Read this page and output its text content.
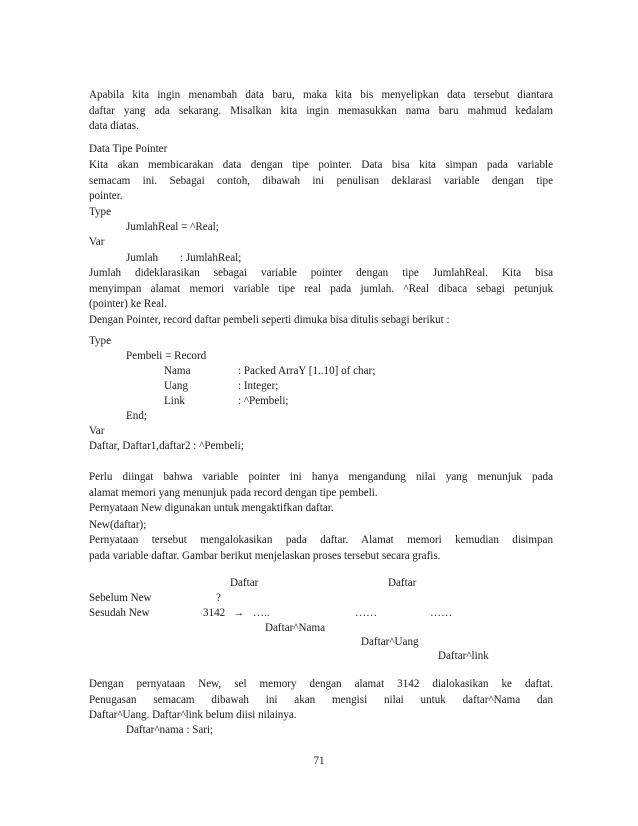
Apabila kita ingin menambah data baru, maka kita bis menyelipkan data tersebut diantara
daftar yang ada sekarang. Misalkan kita ingin memasukkan nama baru mahmud kedalam
data diatas.
Data Tipe Pointer
Kita akan membicarakan data dengan tipe pointer. Data bisa kita simpan pada variable
semacam ini. Sebagai contoh, dibawah ini penulisan deklarasi variable dengan tipe
pointer.
Type
JumlahReal = ^Real;
Var
Jumlah : JumlahReal;
Jumlah dideklarasikan sebagai variable pointer dengan tipe JumlahReal. Kita bisa
menyimpan alamat memori variable tipe real pada jumlah. ^Real dibaca sebagi petunjuk
(pointer) ke Real.
Dengan Pointer, record daftar pembeli seperti dimuka bisa ditulis sebagi berikut :
Type
Pembeli = Record
Nama	: Packed ArraY [1..10] of char;
Uang	: Integer;
Link	: ^Pembeli;
End;
Var
Daftar, Daftar1,daftar2 : ^Pembeli;
Perlu diingat bahwa variable pointer ini hanya mengandung nilai yang menunjuk pada
alamat memori yang menunjuk pada record dengan tipe pembeli.
Pernyataan New digunakan untuk mengaktifkan daftar.
New(daftar);
Pernyataan tersebut mengalokasikan pada daftar. Alamat memori kemudian disimpan
pada variable daftar. Gambar berikut menjelaskan proses tersebut secara grafis.
Daftar	Daftar
Sebelum New	?
Sesudah New	3142 → …..	……	……
Daftar^Nama
Daftar^Uang
Daftar^link
Dengan pernyataan New, sel memory dengan alamat 3142 dialokasikan ke daftat.
Penugasan semacam dibawah ini akan mengisi nilai untuk daftar^Nama dan
Daftar^Uang. Daftar^link belum diisi nilainya.
Daftar^nama : Sari;
71
